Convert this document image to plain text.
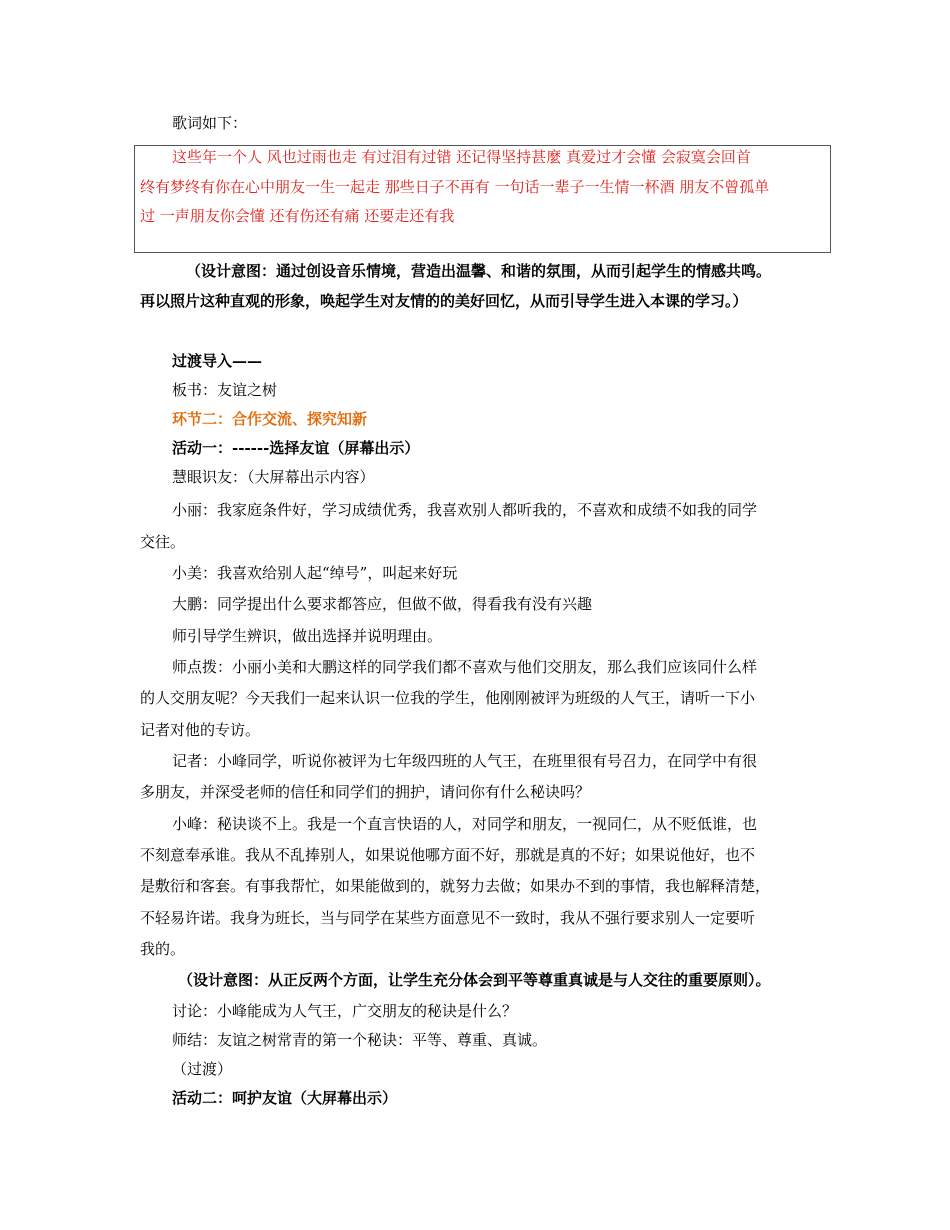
歌词如下：
这些年一个人 风也过雨也走 有过泪有过错 还记得坚持甚麼 真爱过才会懂 会寂寞会回首
终有梦终有你在心中朋友一生一起走 那些日子不再有 一句话一辈子一生情一杯酒 朋友不曾孤单
过 一声朋友你会懂 还有伤还有痛 还要走还有我
（设计意图：通过创设音乐情境，营造出温馨、和谐的氛围，从而引起学生的情感共鸣。
再以照片这种直观的形象，唤起学生对友情的的美好回忆，从而引导学生进入本课的学习。）
过渡导入——
板书：友谊之树
环节二：合作交流、探究知新
活动一：------选择友谊（屏幕出示）
慧眼识友：（大屏幕出示内容）
小丽：我家庭条件好，学习成绩优秀，我喜欢别人都听我的，不喜欢和成绩不如我的同学
交往。
小美：我喜欢给别人起“绰号”，叫起来好玩
大鹏：同学提出什么要求都答应，但做不做，得看我有没有兴趣
师引导学生辨识，做出选择并说明理由。
师点拨：小丽小美和大鹏这样的同学我们都不喜欢与他们交朋友，那么我们应该同什么样
的人交朋友呢？今天我们一起来认识一位我的学生，他刚刚被评为班级的人气王，请听一下小
记者对他的专访。
记者：小峰同学，听说你被评为七年级四班的人气王，在班里很有号召力，在同学中有很
多朋友，并深受老师的信任和同学们的拥护，请问你有什么秘诀吗？
小峰：秘诀谈不上。我是一个直言快语的人，对同学和朋友，一视同仁，从不贬低谁，也
不刻意奉承谁。我从不乱捧别人，如果说他哪方面不好，那就是真的不好；如果说他好，也不
是敷衍和客套。有事我帮忙，如果能做到的，就努力去做；如果办不到的事情，我也解释清楚，
不轻易许诺。我身为班长，当与同学在某些方面意见不一致时，我从不强行要求别人一定要听
我的。
（设计意图：从正反两个方面，让学生充分体会到平等尊重真诚是与人交往的重要原则）。
讨论：小峰能成为人气王，广交朋友的秘诀是什么？
师结：友谊之树常青的第一个秘诀：平等、尊重、真诚。
（过渡）
活动二：呵护友谊（大屏幕出示）
